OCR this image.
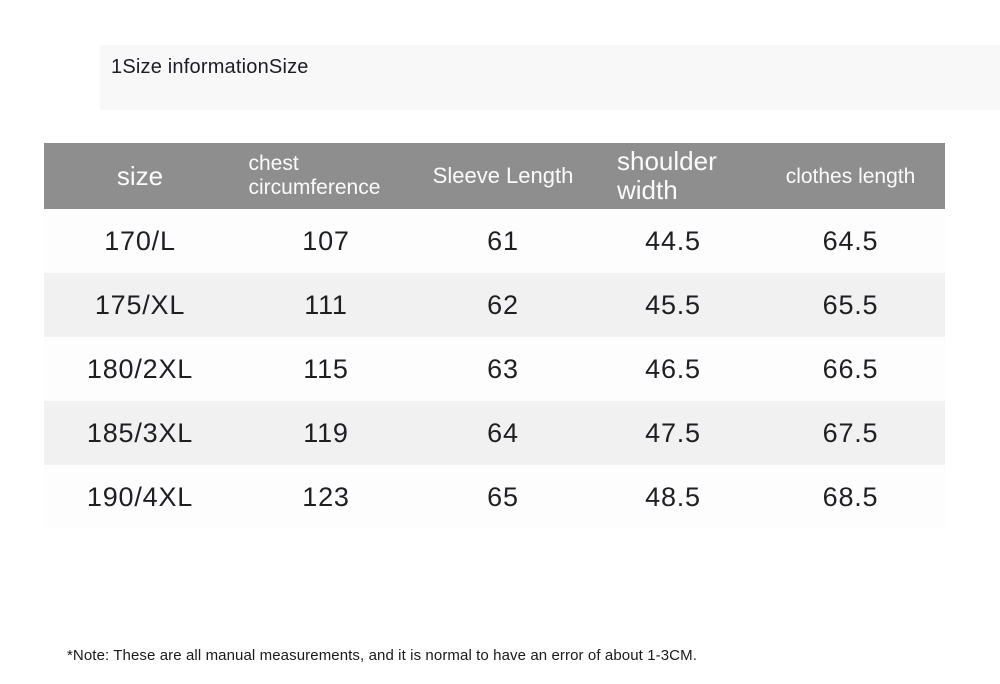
1Size informationSize
size	chest circumference	Sleeve Length	shoulder width	clothes length
170/L	107	61	44.5	64.5
175/XL	111	62	45.5	65.5
180/2XL	115	63	46.5	66.5
185/3XL	119	64	47.5	67.5
190/4XL	123	65	48.5	68.5
*Note: These are all manual measurements, and it is normal to have an error of about 1-3CM.
